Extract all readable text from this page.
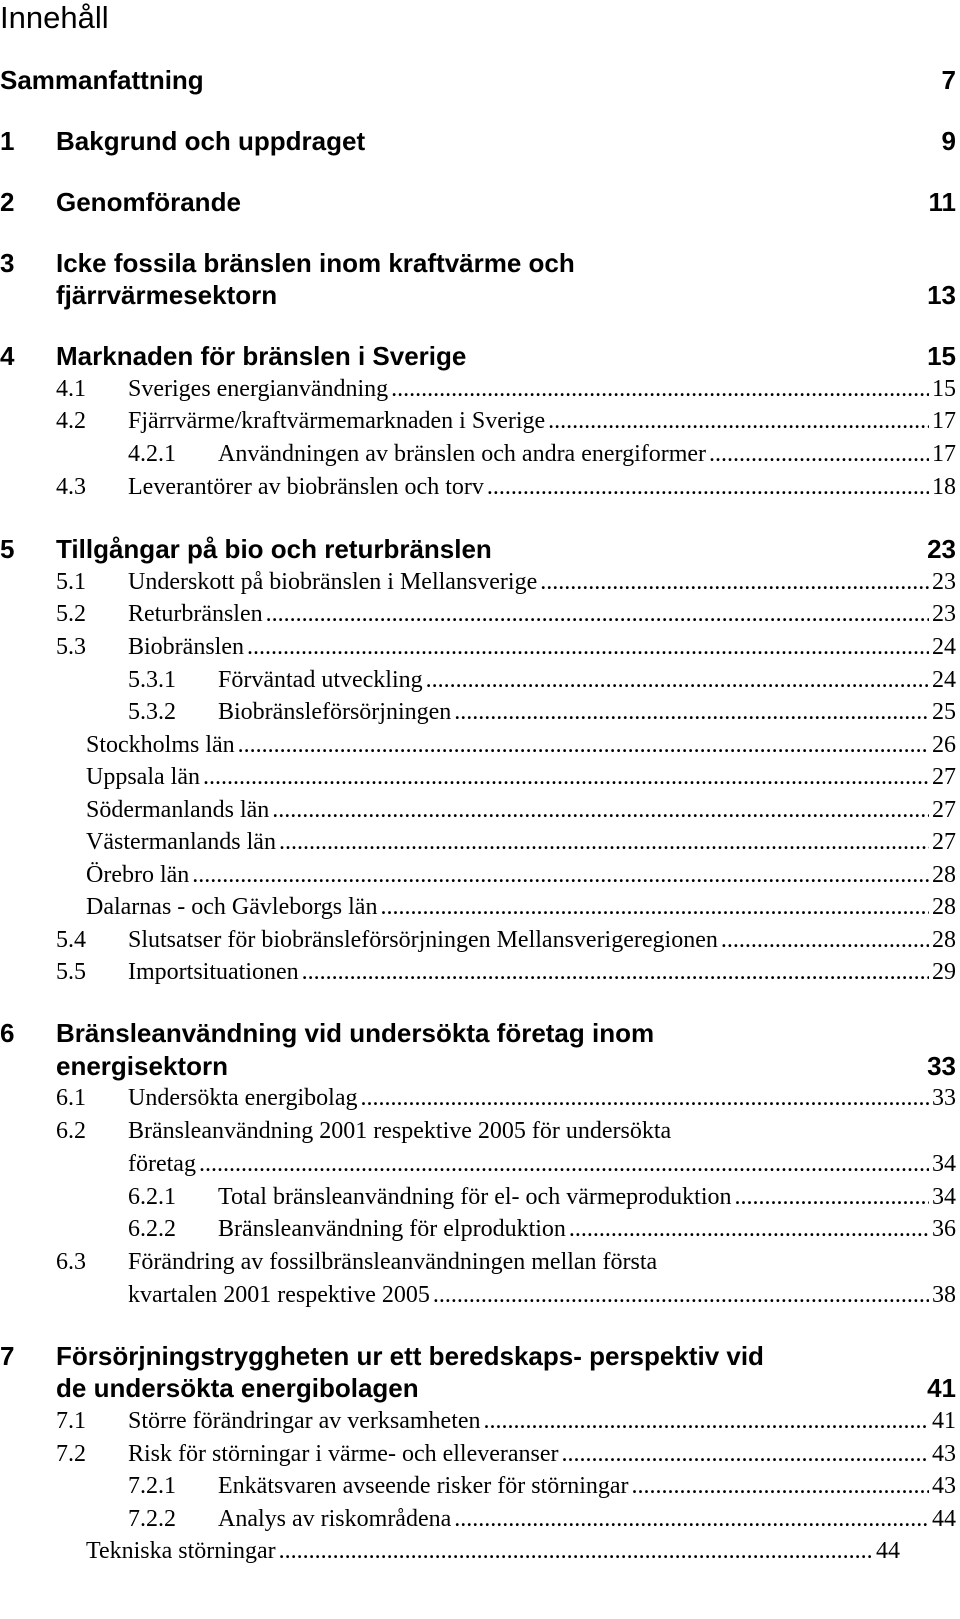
Innehåll
Sammanfattning	7
1 Bakgrund och uppdraget	9
2 Genomförande	11
3 Icke fossila bränslen inom kraftvärme och
fjärrvärmesektorn	13
4 Marknaden för bränslen i Sverige	15
4.1 Sveriges energianvändning .....	15
4.2 Fjärrvärme/kraftvärmemarknaden i Sverige .....	17
4.2.1 Användningen av bränslen och andra energiformer .....	17
4.3 Leverantörer av biobränslen och torv .....	18
5 Tillgångar på bio och returbränslen	23
5.1 Underskott på biobränslen i Mellansverige .....	23
5.2 Returbränslen .....	23
5.3 Biobränslen .....	24
5.3.1 Förväntad utveckling .....	24
5.3.2 Biobränsleförsörjningen .....	25
Stockholms län .....	26
Uppsala län .....	27
Södermanlands län .....	27
Västermanlands län .....	27
Örebro län .....	28
Dalarnas - och Gävleborgs län .....	28
5.4 Slutsatser för biobränsleförsörjningen Mellansverigeregionen .....	28
5.5 Importsituationen .....	29
6 Bränsleanvändning vid undersökta företag inom
energisektorn	33
6.1 Undersökta energibolag .....	33
6.2 Bränsleanvändning 2001 respektive 2005 för undersökta
företag .....	34
6.2.1 Total bränsleanvändning för el- och värmeproduktion .....	34
6.2.2 Bränsleanvändning för elproduktion .....	36
6.3 Förändring av fossilbränsleanvändningen mellan första
kvartalen 2001 respektive 2005 .....	38
7 Försörjningstryggheten ur ett beredskaps- perspektiv vid
de undersökta energibolagen	41
7.1 Större förändringar av verksamheten .....	41
7.2 Risk för störningar i värme- och elleveranser .....	43
7.2.1 Enkätsvaren avseende risker för störningar .....	43
7.2.2 Analys av riskområdena .....	44
Tekniska störningar .....	44
